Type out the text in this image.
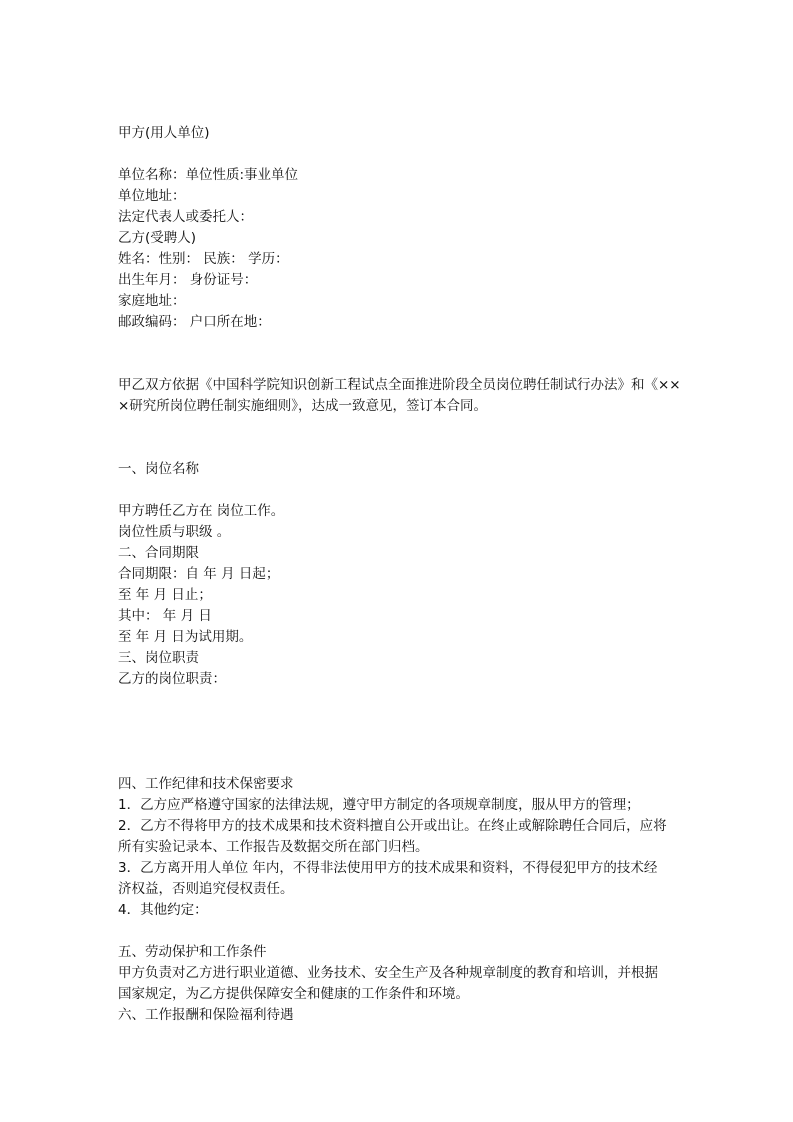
甲方(用人单位)
单位名称：单位性质:事业单位
单位地址：
法定代表人或委托人：
乙方(受聘人)
姓名：性别： 民族： 学历：
出生年月： 身份证号：
家庭地址：
邮政编码： 户口所在地：
甲乙双方依据《中国科学院知识创新工程试点全面推进阶段全员岗位聘任制试行办法》和《××
×研究所岗位聘任制实施细则》，达成一致意见，签订本合同。
一、岗位名称
甲方聘任乙方在 岗位工作。
岗位性质与职级 。
二、合同期限
合同期限：自 年 月 日起；
至 年 月 日止；
其中： 年 月 日
至 年 月 日为试用期。
三、岗位职责
乙方的岗位职责：
四、工作纪律和技术保密要求
1．乙方应严格遵守国家的法律法规，遵守甲方制定的各项规章制度，服从甲方的管理；
2．乙方不得将甲方的技术成果和技术资料擅自公开或出让。在终止或解除聘任合同后，应将
所有实验记录本、工作报告及数据交所在部门归档。
3．乙方离开用人单位 年内，不得非法使用甲方的技术成果和资料，不得侵犯甲方的技术经
济权益，否则追究侵权责任。
4．其他约定：
五、劳动保护和工作条件
甲方负责对乙方进行职业道德、业务技术、安全生产及各种规章制度的教育和培训，并根据
国家规定，为乙方提供保障安全和健康的工作条件和环境。
六、工作报酬和保险福利待遇
